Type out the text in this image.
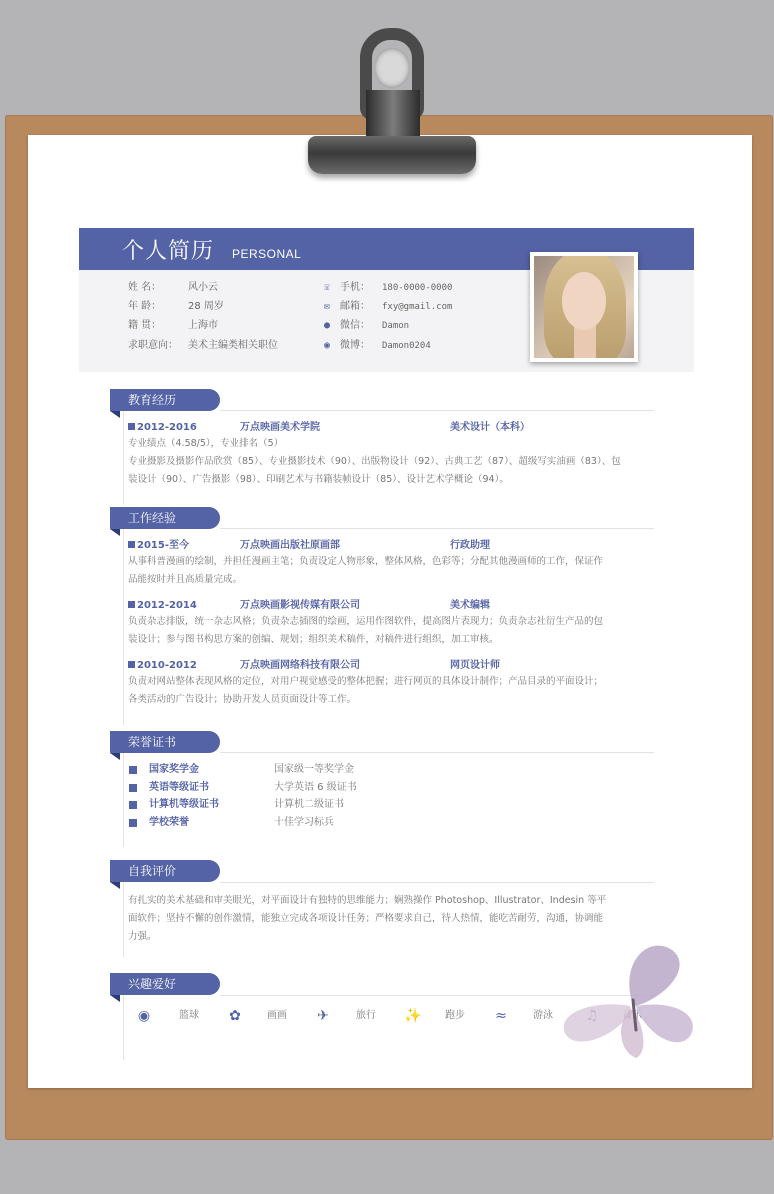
个人简历 PERSONAL
姓 名：	风小云
年 龄：	28 周岁
籍 贯：	上海市
求职意向： 美术主编类相关职位
☏ 手机： 180-0000-0000
✉ 邮箱： fxy@gmail.com
● 微信： Damon
◉ 微博： Damon0204
教育经历
2012-2016	万点映画美术学院	美术设计（本科）
专业绩点（4.58/5），专业排名（5）
专业摄影及摄影作品欣赏（85）、专业摄影技术（90）、出版物设计（92）、古典工艺（87）、超级写实油画（83）、包
装设计（90）、广告摄影（98）、印刷艺术与书籍装帧设计（85）、设计艺术学概论（94）。
工作经验
2015-至今	万点映画出版社原画部	行政助理
从事科普漫画的绘制，并担任漫画主笔；负责设定人物形象，整体风格，色彩等；分配其他漫画师的工作，保证作
品能按时并且高质量完成。
2012-2014	万点映画影视传媒有限公司	美术编辑
负责杂志排版，统一杂志风格；负责杂志插图的绘画，运用作图软件，提高图片表现力；负责杂志社衍生产品的包
装设计；参与图书构思方案的创编、规划；组织美术稿件，对稿件进行组织，加工审核。
2010-2012	万点映画网络科技有限公司	网页设计师
负责对网站整体表现风格的定位，对用户视觉感受的整体把握；进行网页的具体设计制作；产品目录的平面设计；
各类活动的广告设计；协助开发人员页面设计等工作。
荣誉证书
国家奖学金	国家级一等奖学金
英语等级证书	大学英语 6 级证书
计算机等级证书	计算机二级证书
学校荣誉	十佳学习标兵
自我评价
有扎实的美术基础和审美眼光，对平面设计有独特的思维能力；娴熟操作 Photoshop、Illustrator、Indesin 等平
面软件；坚持不懈的创作激情，能独立完成各项设计任务；严格要求自己，待人热情，能吃苦耐劳，沟通，协调能
力强。
兴趣爱好
◉	篮球 ✿	画画 ✈	旅行 ✨ 跑步 ≈	游泳
